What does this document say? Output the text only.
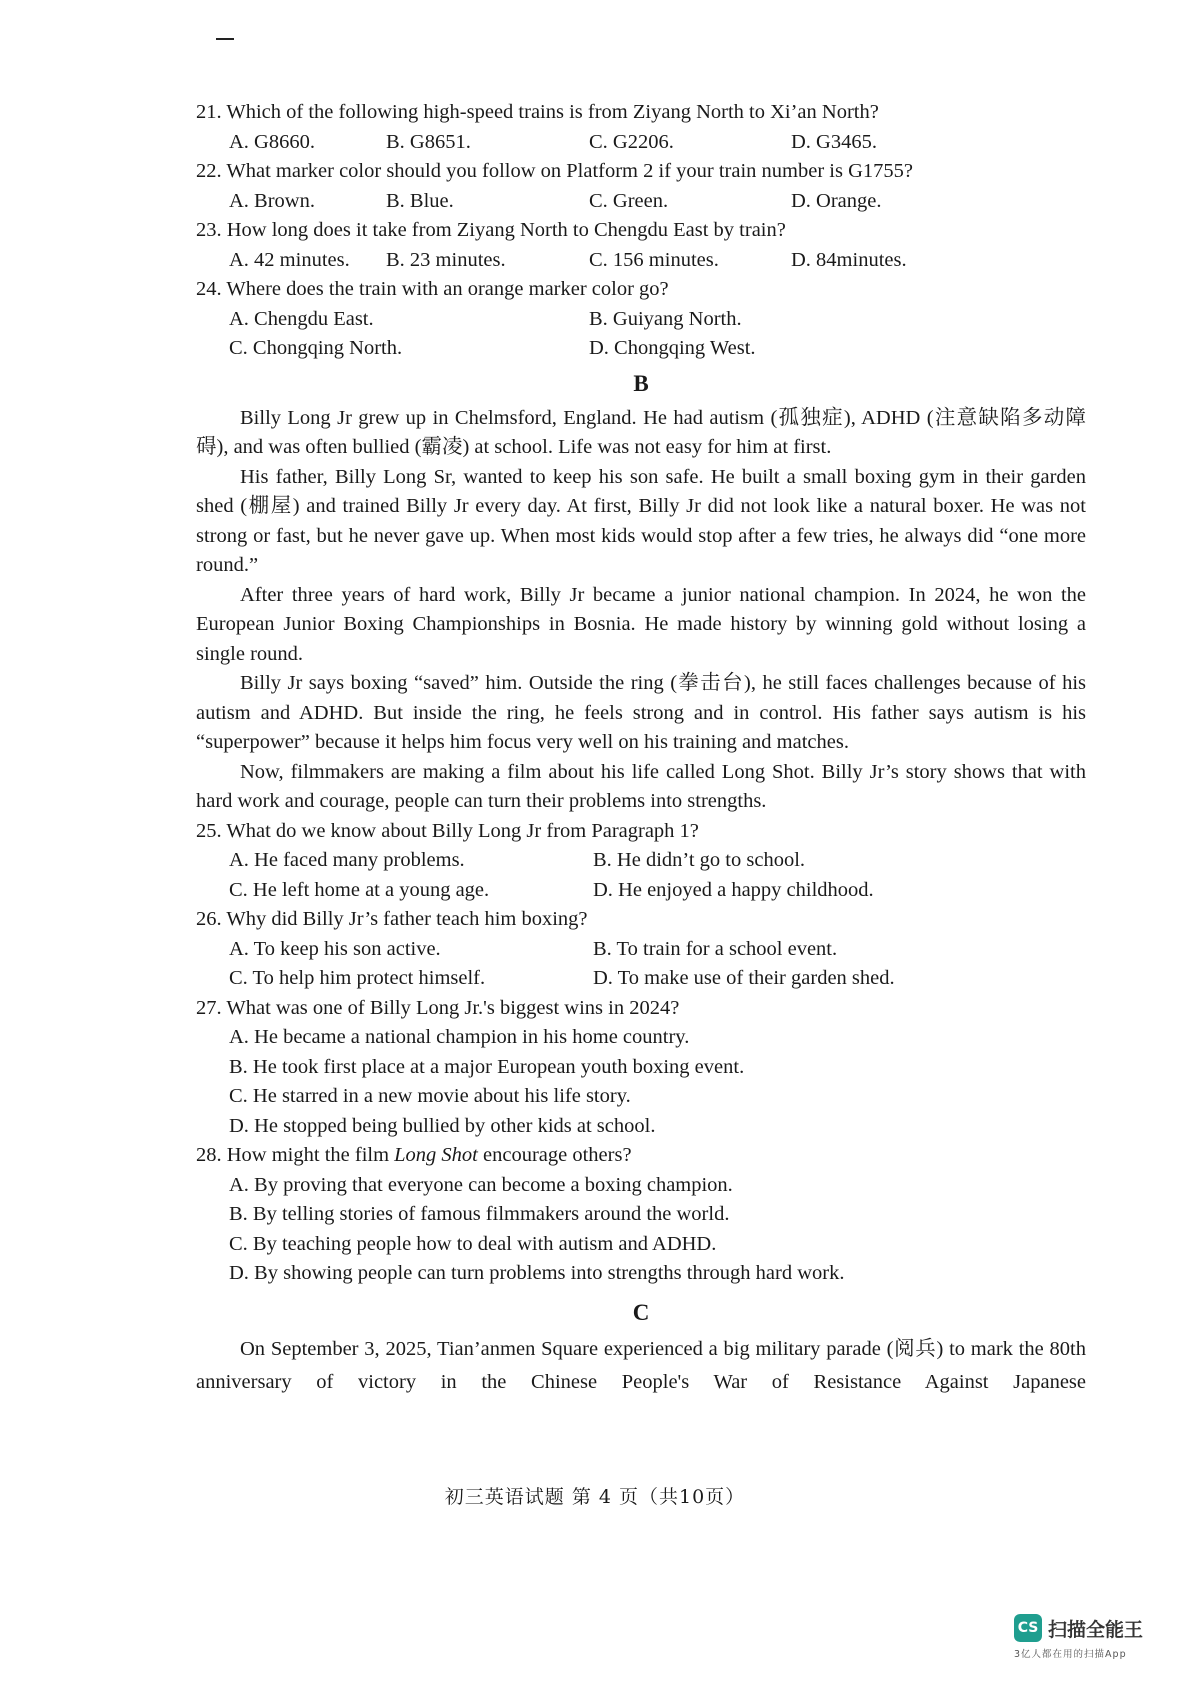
21. Which of the following high-speed trains is from Ziyang North to Xi’an North?
A. G8660.	B. G8651.	C. G2206.	D. G3465.
22. What marker color should you follow on Platform 2 if your train number is G1755?
A. Brown.	B. Blue.	C. Green.	D. Orange.
23. How long does it take from Ziyang North to Chengdu East by train?
A. 42 minutes. B. 23 minutes.	C. 156 minutes.	D. 84minutes.
24. Where does the train with an orange marker color go?
A. Chengdu East.	B. Guiyang North.
C. Chongqing North.	D. Chongqing West.
B

Billy Long Jr grew up in Chelmsford, England. He had autism (孤独症), ADHD (注意缺陷多动障碍), and was often bullied (霸凌) at school. Life was not easy for him at first.

His father, Billy Long Sr, wanted to keep his son safe. He built a small boxing gym in their garden shed (棚屋) and trained Billy Jr every day. At first, Billy Jr did not look like a natural boxer. He was not strong or fast, but he never gave up. When most kids would stop after a few tries, he always did “one more round.”

After three years of hard work, Billy Jr became a junior national champion. In 2024, he won the European Junior Boxing Championships in Bosnia. He made history by winning gold without losing a single round.

Billy Jr says boxing “saved” him. Outside the ring (拳击台), he still faces challenges because of his autism and ADHD. But inside the ring, he feels strong and in control. His father says autism is his “superpower” because it helps him focus very well on his training and matches.

Now, filmmakers are making a film about his life called Long Shot. Billy Jr’s story shows that with hard work and courage, people can turn their problems into strengths.

25. What do we know about Billy Long Jr from Paragraph 1?
A. He faced many problems.	B. He didn’t go to school.
C. He left home at a young age.	D. He enjoyed a happy childhood.
26. Why did Billy Jr’s father teach him boxing?
A. To keep his son active.	B. To train for a school event.
C. To help him protect himself.	D. To make use of their garden shed.
27. What was one of Billy Long Jr.'s biggest wins in 2024?
A. He became a national champion in his home country.
B. He took first place at a major European youth boxing event.
C. He starred in a new movie about his life story.
D. He stopped being bullied by other kids at school.
28. How might the film Long Shot encourage others?
A. By proving that everyone can become a boxing champion.
B. By telling stories of famous filmmakers around the world.
C. By teaching people how to deal with autism and ADHD.
D. By showing people can turn problems into strengths through hard work.
C

On September 3, 2025, Tian’anmen Square experienced a big military parade (阅兵) to mark the 80th anniversary of victory in the Chinese People's War of Resistance Against Japanese

初三英语试题 第 4 页（共10页）
CS 扫描全能王
3亿人都在用的扫描App
